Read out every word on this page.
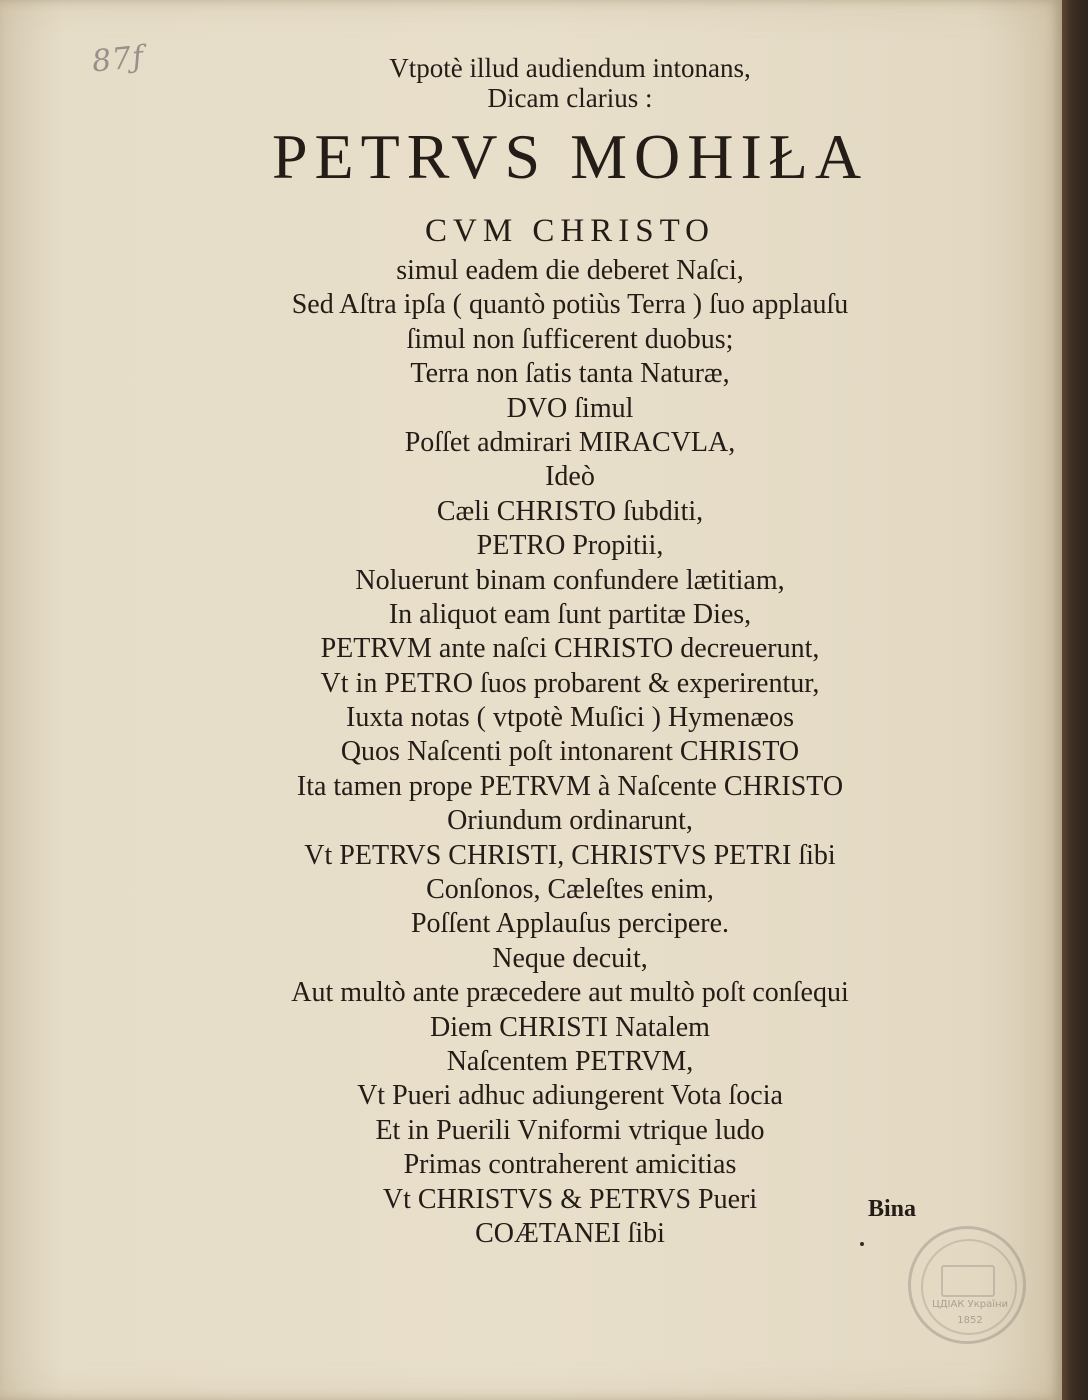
87ƒ	Vtpotè illud audiendum intonans,
Dicam clarius :
PETRVS MOHIŁA
CVM CHRISTO
simul eadem die deberet Naſci,
Sed Aſtra ipſa ( quantò potiùs Terra ) ſuo applauſu
ſimul non ſufficerent duobus;
Terra non ſatis tanta Naturæ,
DVO ſimul
Poſſet admirari MIRACVLA,
Ideò
Cæli CHRISTO ſubditi,
PETRO Propitii,
Noluerunt binam confundere lætitiam,
In aliquot eam ſunt partitæ Dies,
PETRVM ante naſci CHRISTO decreuerunt,
Vt in PETRO ſuos probarent & experirentur,
Iuxta notas ( vtpotè Muſici ) Hymenæos
Quos Naſcenti poſt intonarent CHRISTO
Ita tamen prope PETRVM à Naſcente CHRISTO
Oriundum ordinarunt,
Vt PETRVS CHRISTI, CHRISTVS PETRI ſibi
Conſonos, Cæleſtes enim,
Poſſent Applauſus percipere.
Neque decuit,
Aut multò ante præcedere aut multò poſt conſequi
Diem CHRISTI Natalem
Naſcentem PETRVM,
Vt Pueri adhuc adiungerent Vota ſocia
Et in Puerili Vniformi vtrique ludo
Primas contraherent amicitias
Vt CHRISTVS & PETRVS Pueri
COÆTANEI ſibi
Bina
ЦДІАК України
1852
